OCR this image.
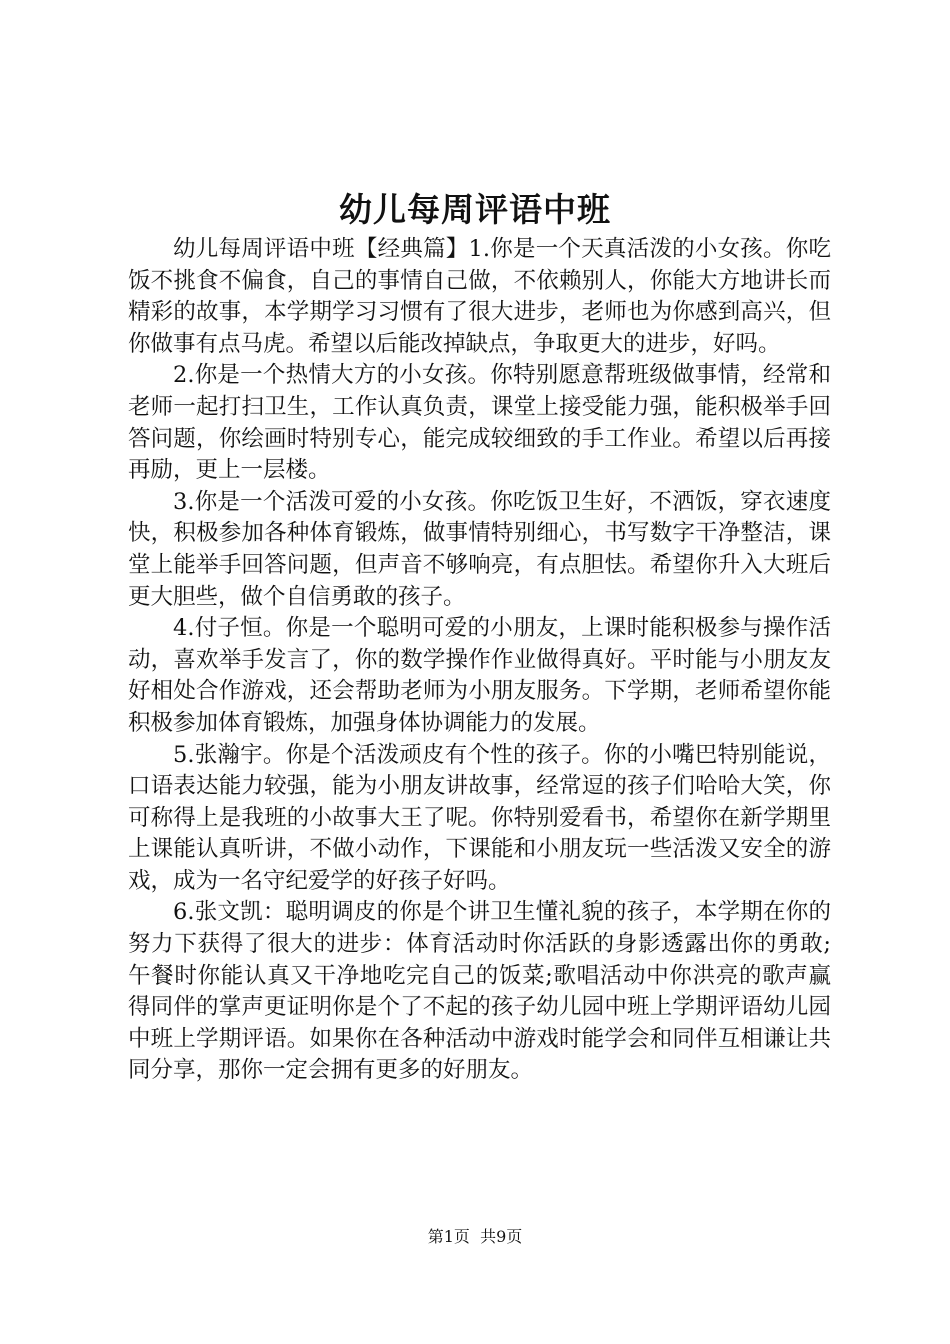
幼儿每周评语中班

幼儿每周评语中班【经典篇】1.你是一个天真活泼的小女孩。你吃饭不挑食不偏食，自己的事情自己做，不依赖别人，你能大方地讲长而精彩的故事，本学期学习习惯有了很大进步，老师也为你感到高兴，但你做事有点马虎。希望以后能改掉缺点，争取更大的进步，好吗。

2.你是一个热情大方的小女孩。你特别愿意帮班级做事情，经常和老师一起打扫卫生，工作认真负责，课堂上接受能力强，能积极举手回答问题，你绘画时特别专心，能完成较细致的手工作业。希望以后再接再励，更上一层楼。

3.你是一个活泼可爱的小女孩。你吃饭卫生好，不洒饭，穿衣速度快，积极参加各种体育锻炼，做事情特别细心，书写数字干净整洁，课堂上能举手回答问题，但声音不够响亮，有点胆怯。希望你升入大班后更大胆些，做个自信勇敢的孩子。

4.付子恒。你是一个聪明可爱的小朋友，上课时能积极参与操作活动，喜欢举手发言了，你的数学操作作业做得真好。平时能与小朋友友好相处合作游戏，还会帮助老师为小朋友服务。下学期，老师希望你能积极参加体育锻炼，加强身体协调能力的发展。

5.张瀚宇。你是个活泼顽皮有个性的孩子。你的小嘴巴特别能说，口语表达能力较强，能为小朋友讲故事，经常逗的孩子们哈哈大笑，你可称得上是我班的小故事大王了呢。你特别爱看书，希望你在新学期里上课能认真听讲，不做小动作，下课能和小朋友玩一些活泼又安全的游戏，成为一名守纪爱学的好孩子好吗。

6.张文凯：聪明调皮的你是个讲卫生懂礼貌的孩子，本学期在你的努力下获得了很大的进步：体育活动时你活跃的身影透露出你的勇敢;午餐时你能认真又干净地吃完自己的饭菜;歌唱活动中你洪亮的歌声赢得同伴的掌声更证明你是个了不起的孩子幼儿园中班上学期评语幼儿园中班上学期评语。如果你在各种活动中游戏时能学会和同伴互相谦让共同分享，那你一定会拥有更多的好朋友。

第1页  共9页
